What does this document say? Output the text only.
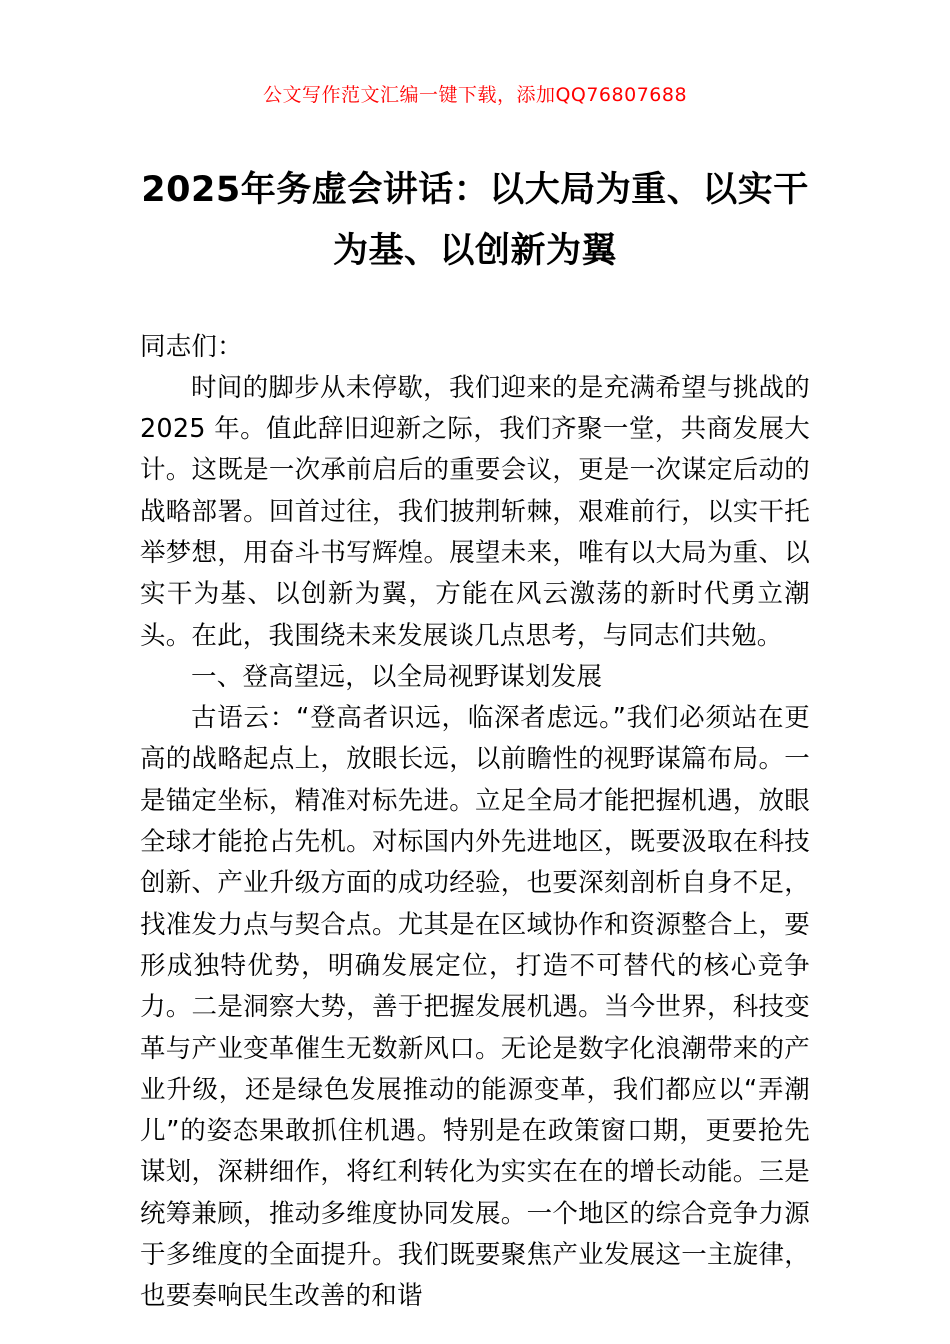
公文写作范文汇编一键下载，添加QQ76807688
2025年务虚会讲话：以大局为重、以实干为基、以创新为翼

同志们：

时间的脚步从未停歇，我们迎来的是充满希望与挑战的 2025 年。值此辞旧迎新之际，我们齐聚一堂，共商发展大计。这既是一次承前启后的重要会议，更是一次谋定后动的战略部署。回首过往，我们披荆斩棘，艰难前行，以实干托举梦想，用奋斗书写辉煌。展望未来，唯有以大局为重、以实干为基、以创新为翼，方能在风云激荡的新时代勇立潮头。在此，我围绕未来发展谈几点思考，与同志们共勉。

一、登高望远，以全局视野谋划发展

古语云：“登高者识远，临深者虑远。”我们必须站在更高的战略起点上，放眼长远，以前瞻性的视野谋篇布局。一是锚定坐标，精准对标先进。立足全局才能把握机遇，放眼全球才能抢占先机。对标国内外先进地区，既要汲取在科技创新、产业升级方面的成功经验，也要深刻剖析自身不足，找准发力点与契合点。尤其是在区域协作和资源整合上，要形成独特优势，明确发展定位，打造不可替代的核心竞争力。二是洞察大势，善于把握发展机遇。当今世界，科技变革与产业变革催生无数新风口。无论是数字化浪潮带来的产业升级，还是绿色发展推动的能源变革，我们都应以“弄潮儿”的姿态果敢抓住机遇。特别是在政策窗口期，更要抢先谋划，深耕细作，将红利转化为实实在在的增长动能。三是统筹兼顾，推动多维度协同发展。一个地区的综合竞争力源于多维度的全面提升。我们既要聚焦产业发展这一主旋律，也要奏响民生改善的和谐
